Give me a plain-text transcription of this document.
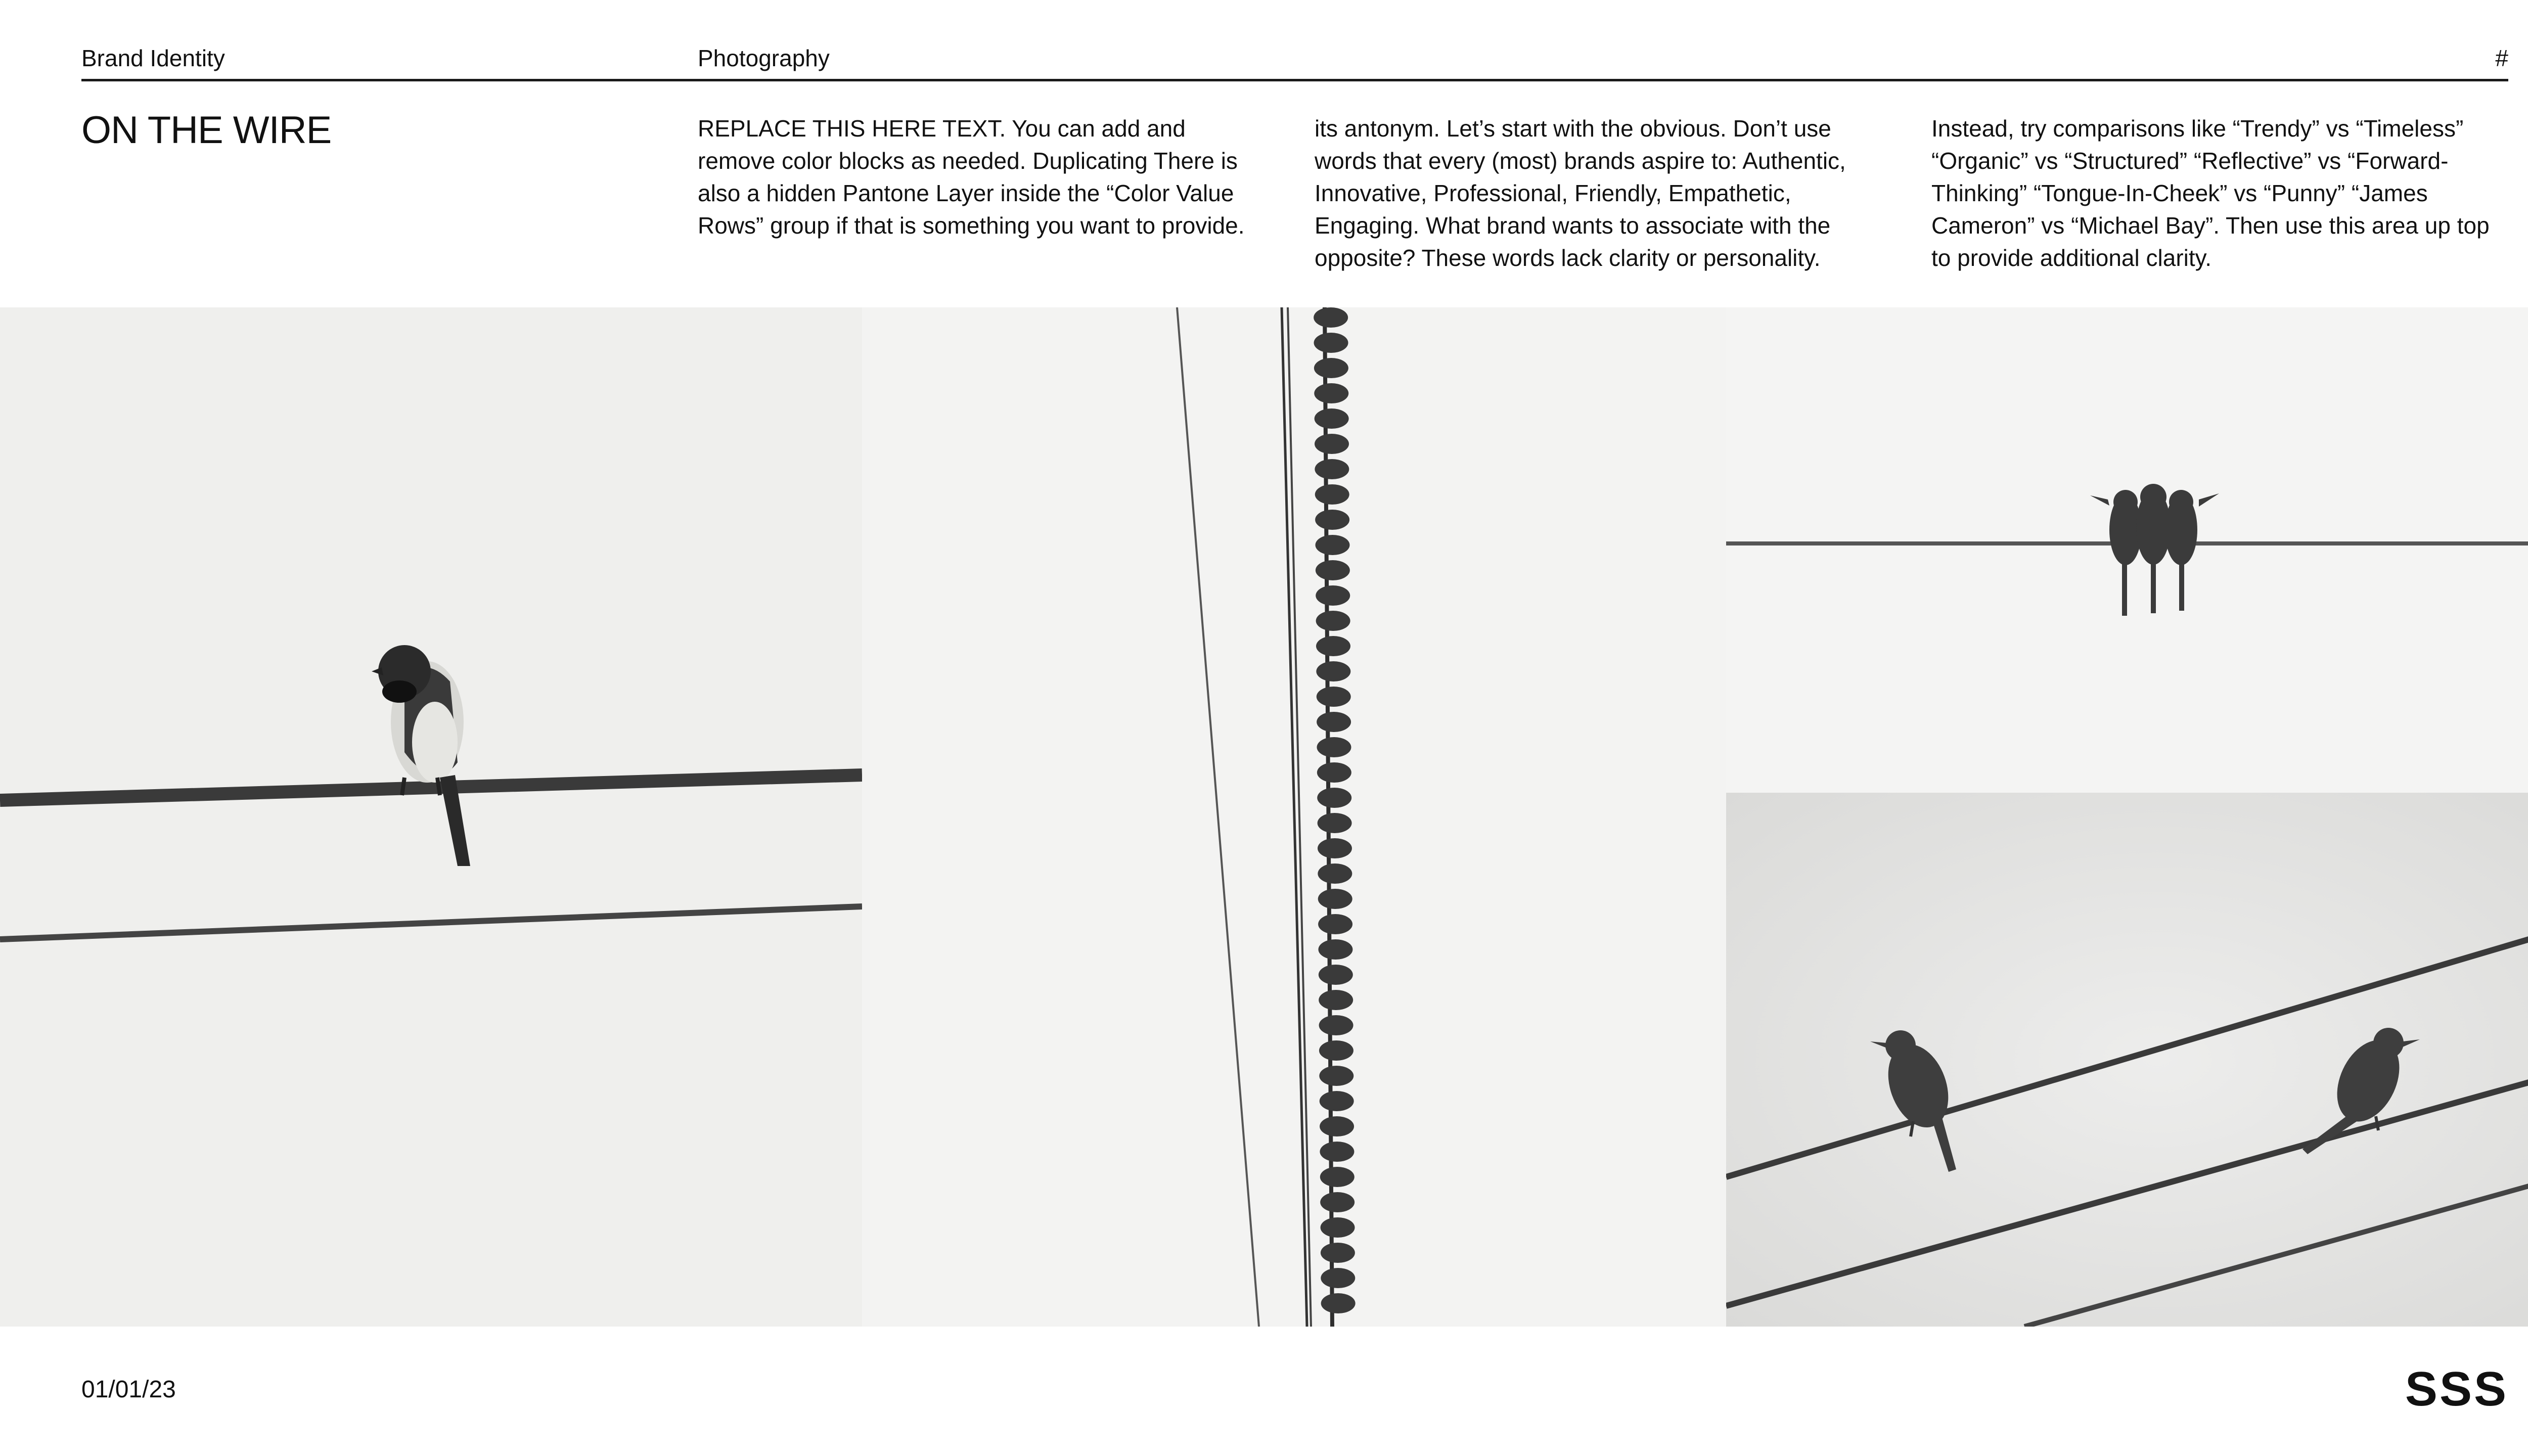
Brand Identity	Photography	#
ON THE WIRE	REPLACE THIS HERE TEXT. You can add and remove color blocks as needed. Duplicating There is also a hidden Pantone Layer inside the “Color Value Rows” group if that is something you want to provide.

its antonym. Let’s start with the obvious. Don’t use words that every (most) brands aspire to: Authentic, Innovative, Professional, Friendly, Empathetic, Engaging. What brand wants to associate with the opposite? These words lack clarity or personality.

Instead, try comparisons like “Trendy” vs “Timeless” “Organic” vs “Structured” “Reflective” vs “Forward-Thinking” “Tongue-In-Cheek” vs “Punny” “James Cameron” vs “Michael Bay”. Then use this area up top to provide additional clarity.

01/01/23	SSS
